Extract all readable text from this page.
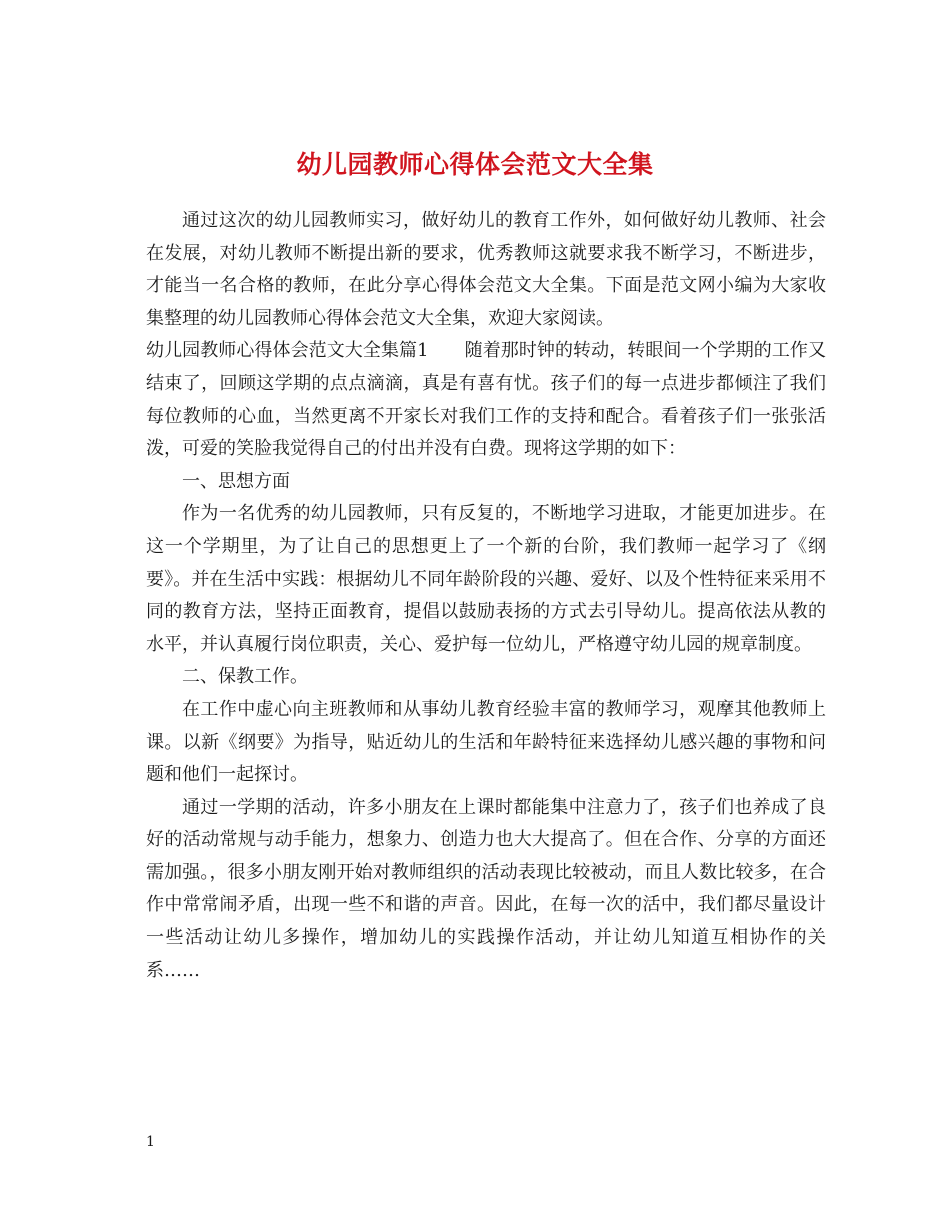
幼儿园教师心得体会范文大全集

通过这次的幼儿园教师实习，做好幼儿的教育工作外，如何做好幼儿教师、社会在发展，对幼儿教师不断提出新的要求，优秀教师这就要求我不断学习，不断进步，才能当一名合格的教师，在此分享心得体会范文大全集。下面是范文网小编为大家收集整理的幼儿园教师心得体会范文大全集，欢迎大家阅读。

幼儿园教师心得体会范文大全集篇1 随着那时钟的转动，转眼间一个学期的工作又结束了，回顾这学期的点点滴滴，真是有喜有忧。孩子们的每一点进步都倾注了我们每位教师的心血，当然更离不开家长对我们工作的支持和配合。看着孩子们一张张活泼，可爱的笑脸我觉得自己的付出并没有白费。现将这学期的如下：

一、思想方面

作为一名优秀的幼儿园教师，只有反复的，不断地学习进取，才能更加进步。在这一个学期里，为了让自己的思想更上了一个新的台阶，我们教师一起学习了《纲要》。并在生活中实践：根据幼儿不同年龄阶段的兴趣、爱好、以及个性特征来采用不同的教育方法，坚持正面教育，提倡以鼓励表扬的方式去引导幼儿。提高依法从教的水平，并认真履行岗位职责，关心、爱护每一位幼儿，严格遵守幼儿园的规章制度。

二、保教工作。

在工作中虚心向主班教师和从事幼儿教育经验丰富的教师学习，观摩其他教师上课。以新《纲要》为指导，贴近幼儿的生活和年龄特征来选择幼儿感兴趣的事物和问题和他们一起探讨。

通过一学期的活动，许多小朋友在上课时都能集中注意力了，孩子们也养成了良好的活动常规与动手能力，想象力、创造力也大大提高了。但在合作、分享的方面还需加强。，很多小朋友刚开始对教师组织的活动表现比较被动，而且人数比较多，在合作中常常闹矛盾，出现一些不和谐的声音。因此，在每一次的活中，我们都尽量设计一些活动让幼儿多操作，增加幼儿的实践操作活动，并让幼儿知道互相协作的关系……

1
